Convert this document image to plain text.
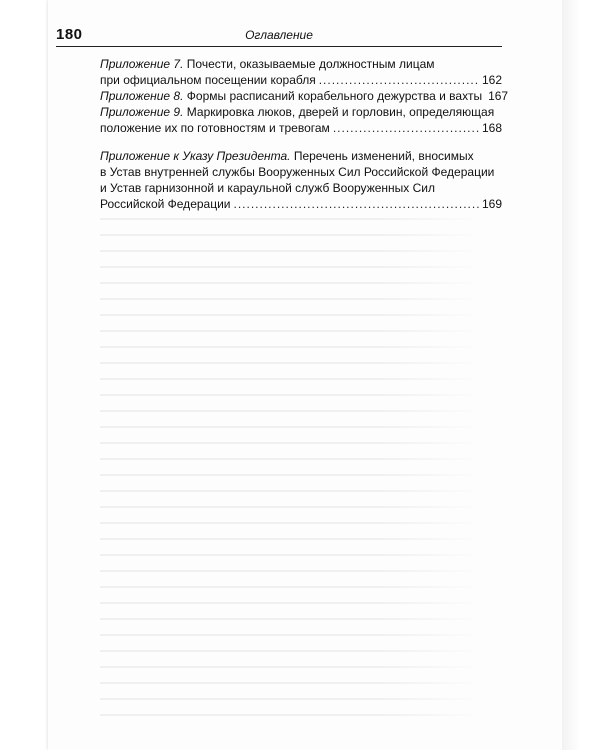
180	Оглавление
Приложение 7. Почести, оказываемые должностным лицам
при официальном посещении корабля .....	162
Приложение 8. Формы расписаний корабельного дежурства и вахты 167
Приложение 9. Маркировка люков, дверей и горловин, определяющая
положение их по готовностям и тревогам .....	168
Приложение к Указу Президента. Перечень изменений, вносимых
в Устав внутренней службы Вооруженных Сил Российской Федерации
и Устав гарнизонной и караульной служб Вооруженных Сил
Российской Федерации .....	169
